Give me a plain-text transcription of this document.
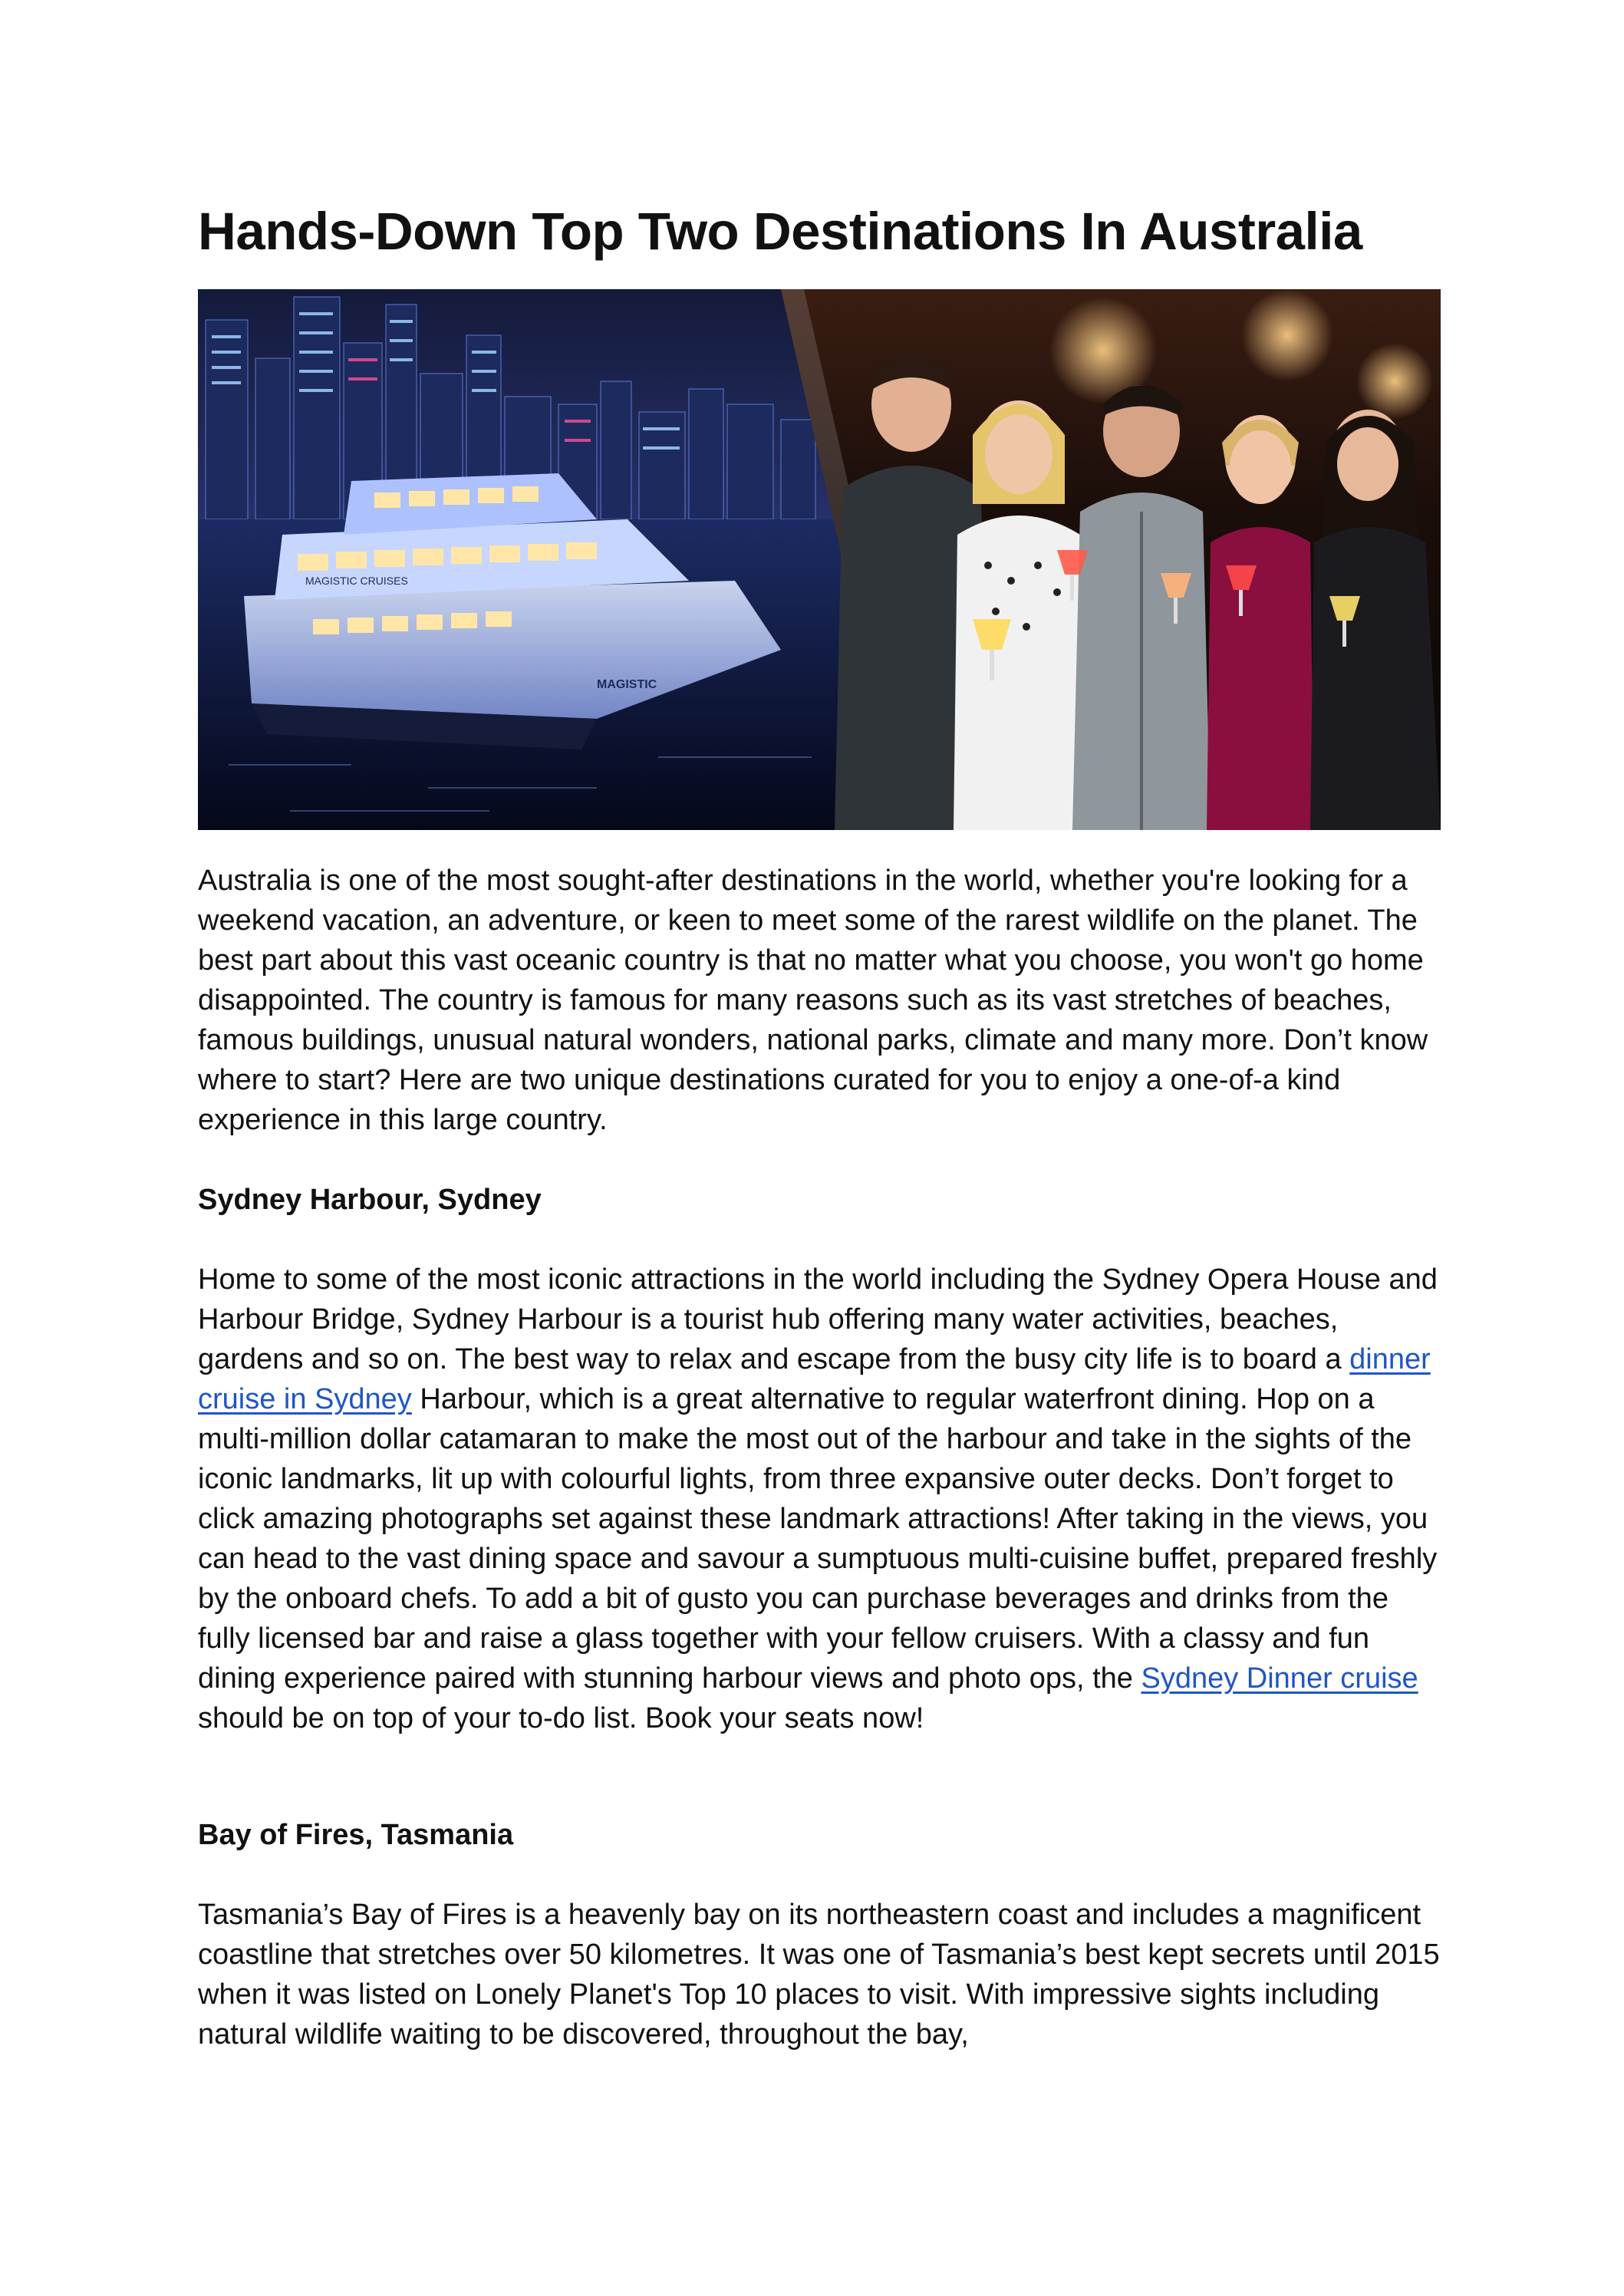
Hands-Down Top Two Destinations In Australia
MAGISTIC CRUISES
MAGISTIC

Australia is one of the most sought-after destinations in the world, whether you're looking for a weekend vacation, an adventure, or keen to meet some of the rarest wildlife on the planet. The best part about this vast oceanic country is that no matter what you choose, you won't go home disappointed. The country is famous for many reasons such as its vast stretches of beaches, famous buildings, unusual natural wonders, national parks, climate and many more. Don’t know where to start? Here are two unique destinations curated for you to enjoy a one-of-a kind experience in this large country.

Sydney Harbour, Sydney

Home to some of the most iconic attractions in the world including the Sydney Opera House and Harbour Bridge, Sydney Harbour is a tourist hub offering many water activities, beaches, gardens and so on. The best way to relax and escape from the busy city life is to board a dinner cruise in Sydney Harbour, which is a great alternative to regular waterfront dining. Hop on a multi-million dollar catamaran to make the most out of the harbour and take in the sights of the iconic landmarks, lit up with colourful lights, from three expansive outer decks. Don’t forget to click amazing photographs set against these landmark attractions! After taking in the views, you can head to the vast dining space and savour a sumptuous multi-cuisine buffet, prepared freshly by the onboard chefs. To add a bit of gusto you can purchase beverages and drinks from the fully licensed bar and raise a glass together with your fellow cruisers. With a classy and fun dining experience paired with stunning harbour views and photo ops, the Sydney Dinner cruise should be on top of your to-do list. Book your seats now!

Bay of Fires, Tasmania

Tasmania’s Bay of Fires is a heavenly bay on its northeastern coast and includes a magnificent coastline that stretches over 50 kilometres. It was one of Tasmania’s best kept secrets until 2015 when it was listed on Lonely Planet's Top 10 places to visit. With impressive sights including natural wildlife waiting to be discovered, throughout the bay,
